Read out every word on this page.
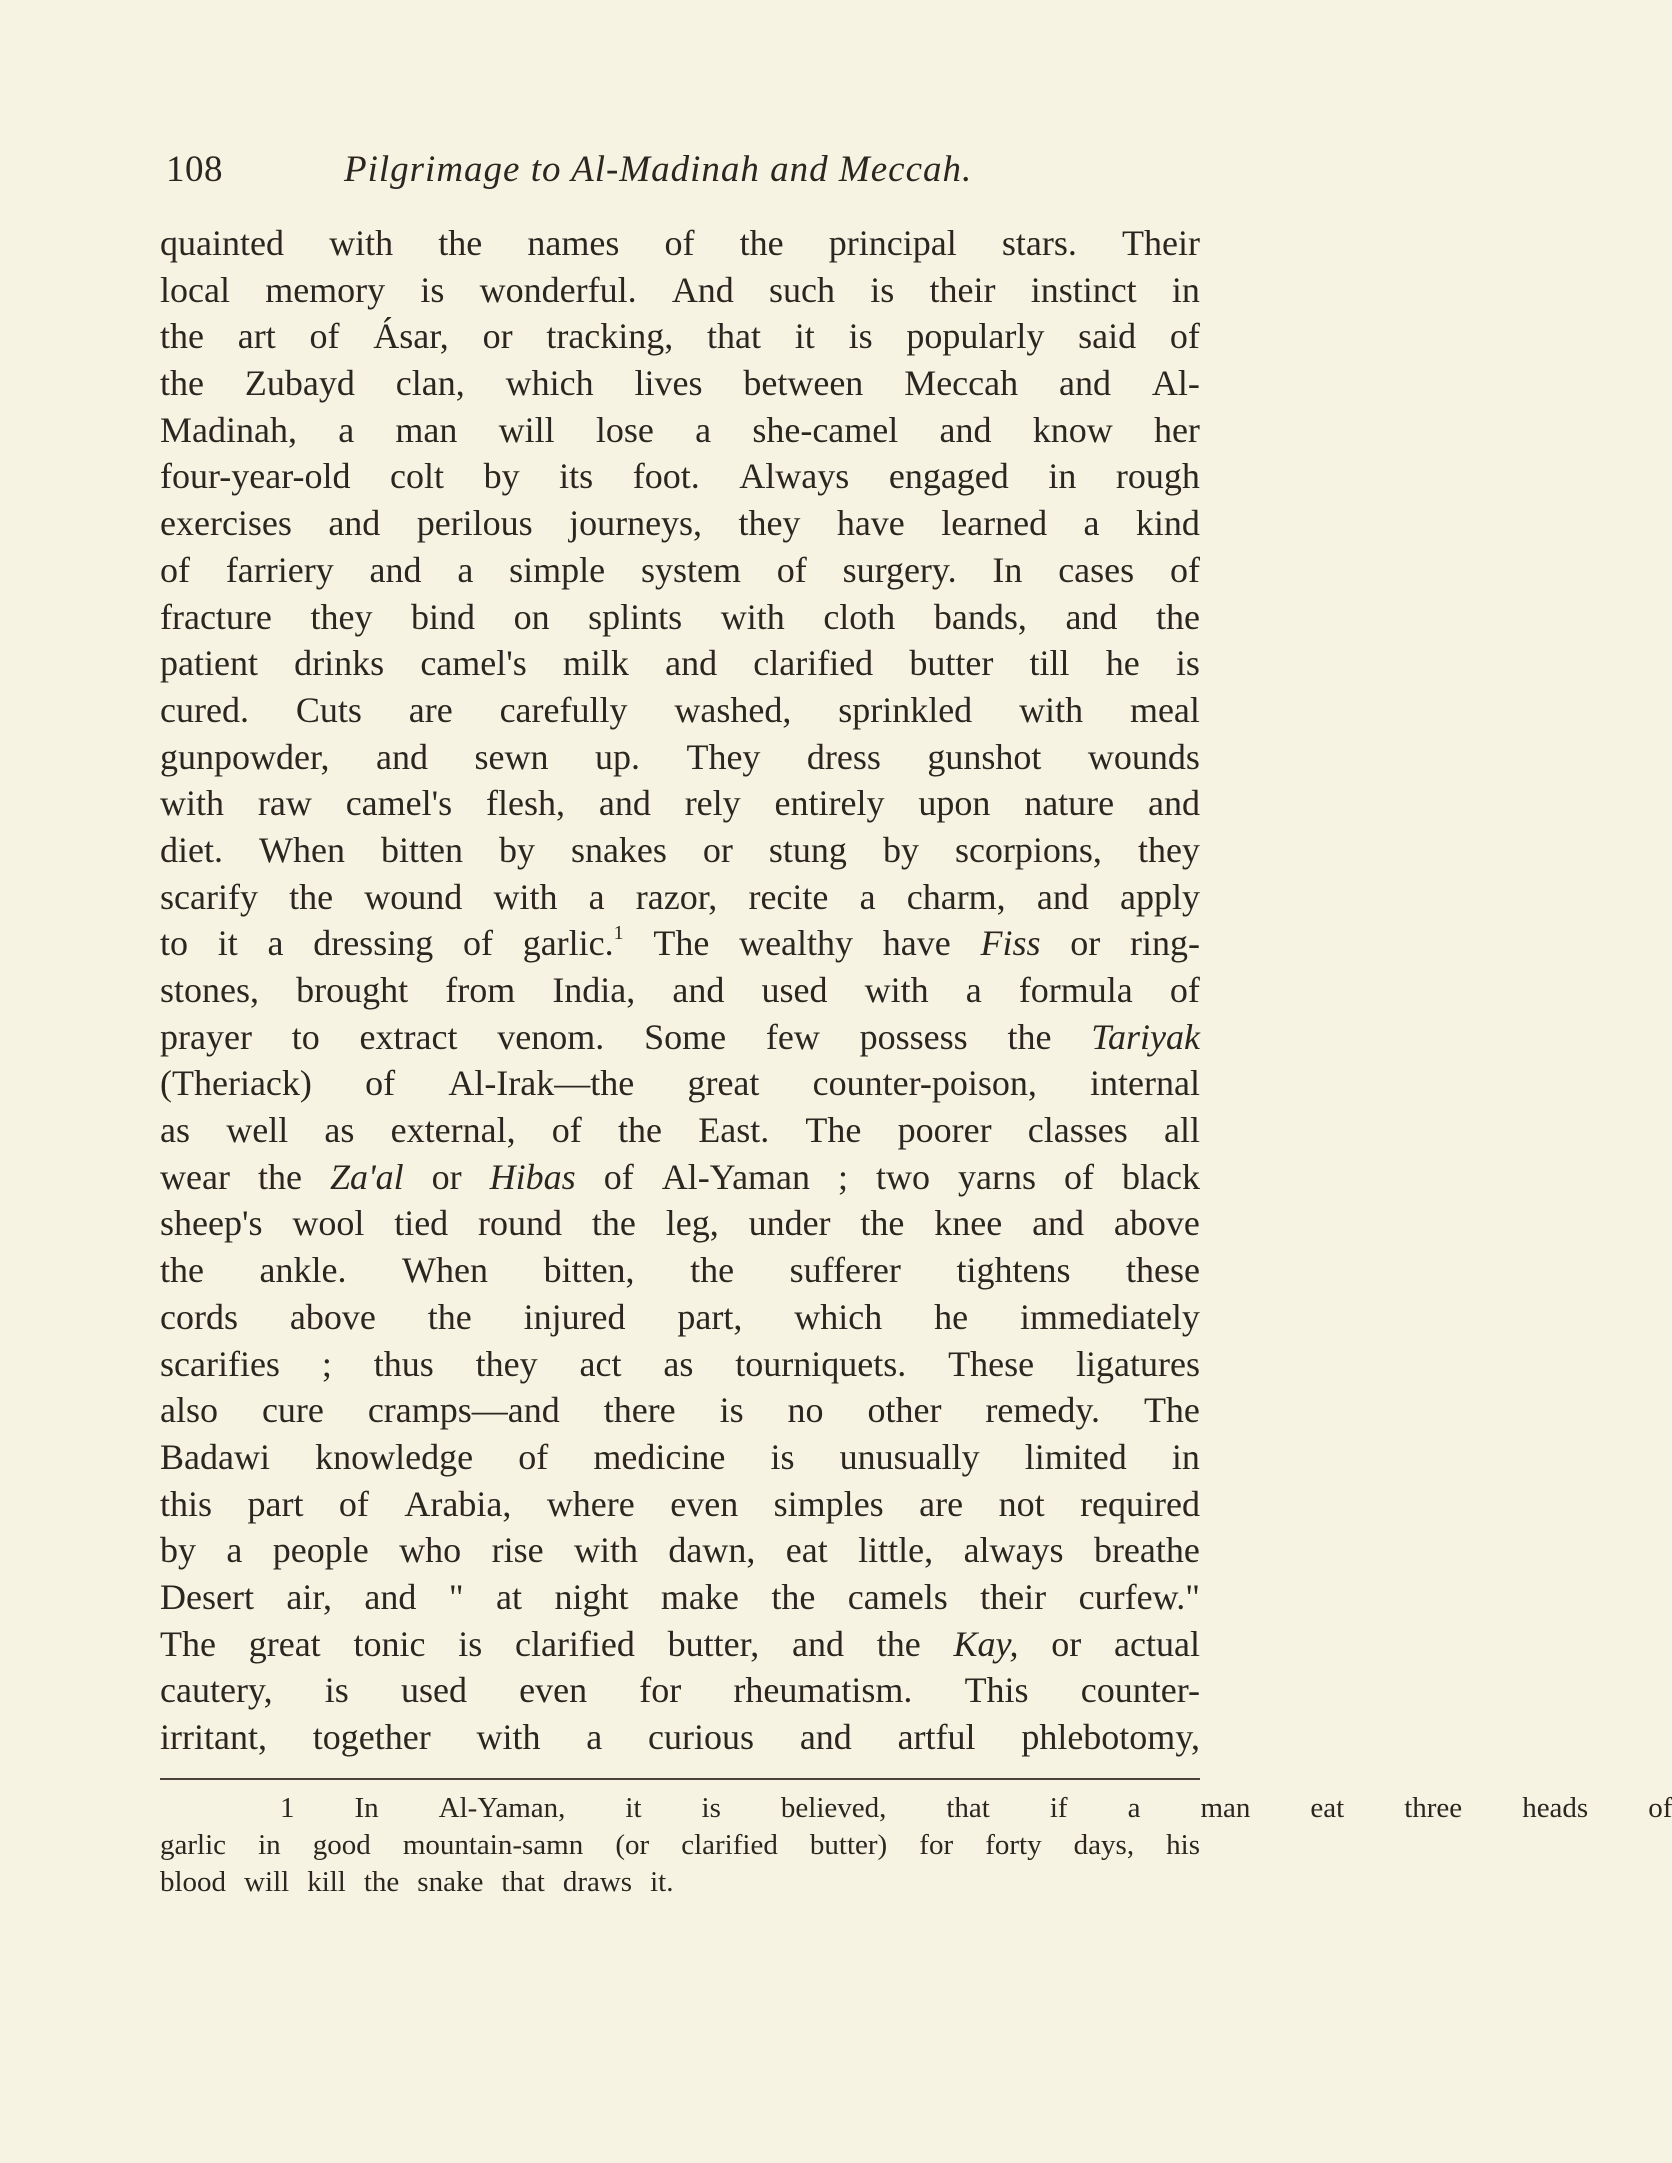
108	Pilgrimage to Al-Madinah and Meccah.
quainted with the names of the principal stars. Their
local memory is wonderful. And such is their instinct in
the art of Ásar, or tracking, that it is popularly said of
the Zubayd clan, which lives between Meccah and Al-
Madinah, a man will lose a she-camel and know her
four-year-old colt by its foot. Always engaged in rough
exercises and perilous journeys, they have learned a kind
of farriery and a simple system of surgery. In cases of
fracture they bind on splints with cloth bands, and the
patient drinks camel's milk and clarified butter till he is
cured. Cuts are carefully washed, sprinkled with meal
gunpowder, and sewn up. They dress gunshot wounds
with raw camel's flesh, and rely entirely upon nature and
diet. When bitten by snakes or stung by scorpions, they
scarify the wound with a razor, recite a charm, and apply
to it a dressing of garlic.$^1$ The wealthy have Fiss or ring-
stones, brought from India, and used with a formula of
prayer to extract venom. Some few possess the Tariyak
(Theriack) of Al-Irak—the great counter-poison, internal
as well as external, of the East. The poorer classes all
wear the Za'al or Hibas of Al-Yaman ; two yarns of black
sheep's wool tied round the leg, under the knee and above
the ankle. When bitten, the sufferer tightens these
cords above the injured part, which he immediately
scarifies ; thus they act as tourniquets. These ligatures
also cure cramps—and there is no other remedy. The
Badawi knowledge of medicine is unusually limited in
this part of Arabia, where even simples are not required
by a people who rise with dawn, eat little, always breathe
Desert air, and " at night make the camels their curfew."
The great tonic is clarified butter, and the Kay, or actual
cautery, is used even for rheumatism. This counter-
irritant, together with a curious and artful phlebotomy,
1	In	Al-Yaman,	it	is	believed,	that	if	a	man	eat	three	heads	of
garlic in good mountain-samn (or clarified butter) for forty days, his
blood will kill the snake that draws it.
